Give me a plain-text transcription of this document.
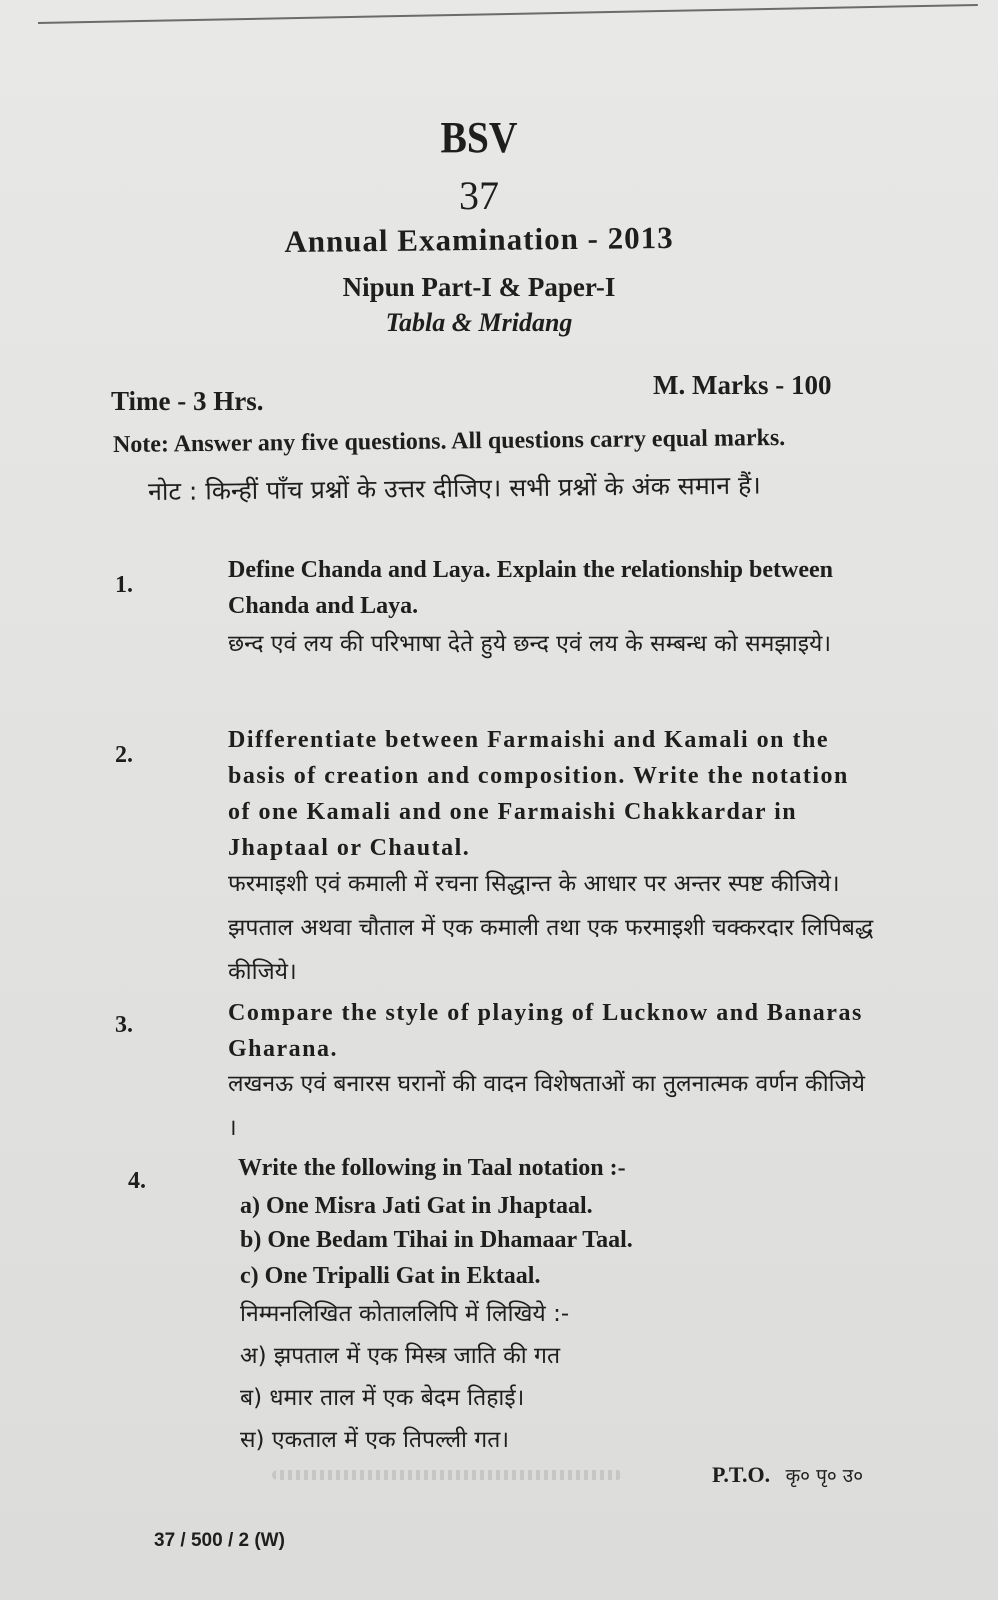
BSV
37
Annual Examination - 2013
Nipun Part-I & Paper-I
Tabla & Mridang
Time - 3 Hrs.
M. Marks - 100
Note: Answer any five questions. All questions carry equal marks.
नोट : किन्हीं पाँच प्रश्नों के उत्तर दीजिए। सभी प्रश्नों के अंक समान हैं।
1.
Define Chanda and Laya. Explain the relationship between Chanda and Laya.
छन्द एवं लय की परिभाषा देते हुये छन्द एवं लय के सम्बन्ध को समझाइये।
2.
Differentiate between Farmaishi and Kamali on the basis of creation and composition. Write the notation of one Kamali and one Farmaishi Chakkardar in Jhaptaal or Chautal.
फरमाइशी एवं कमाली में रचना सिद्धान्त के आधार पर अन्तर स्पष्ट कीजिये। झपताल अथवा चौताल में एक कमाली तथा एक फरमाइशी चक्करदार लिपिबद्ध कीजिये।
3.	Compare the style of playing of Lucknow and Banaras Gharana.
लखनऊ एवं बनारस घरानों की वादन विशेषताओं का तुलनात्मक वर्णन कीजिये ।
4.	Write the following in Taal notation :-
a) One Misra Jati Gat in Jhaptaal.
b) One Bedam Tihai in Dhamaar Taal.
c) One Tripalli Gat in Ektaal.
निम्मनलिखित कोताललिपि में लिखिये :-
अ) झपताल में एक मिस्त्र जाति की गत
ब) धमार ताल में एक बेदम तिहाई।
स) एकताल में एक तिपल्ली गत।
P.T.O. कृ० पृ० उ०
37 / 500 / 2 (W)
